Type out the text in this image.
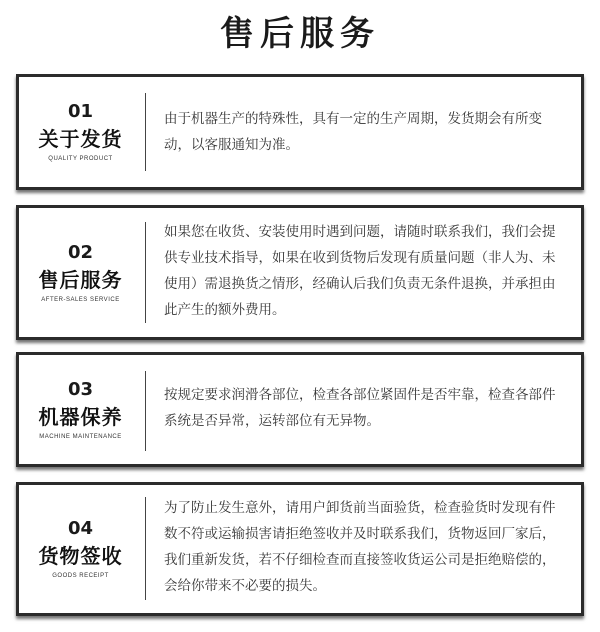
售后服务
01
关于发货
QUALITY PRODUCT
由于机器生产的特殊性，具有一定的生产周期，发货期会有所变动，以客服通知为准。
02
售后服务
AFTER-SALES SERVICE
如果您在收货、安装使用时遇到问题，请随时联系我们，我们会提供专业技术指导，如果在收到货物后发现有质量问题（非人为、未使用）需退换货之情形，经确认后我们负责无条件退换，并承担由此产生的额外费用。
03
机器保养
MACHINE MAINTENANCE
按规定要求润滑各部位，检查各部位紧固件是否牢靠，检查各部件系统是否异常，运转部位有无异物。
04
货物签收
GOODS RECEIPT
为了防止发生意外，请用户卸货前当面验货，检查验货时发现有件数不符或运输损害请拒绝签收并及时联系我们，货物返回厂家后，我们重新发货，若不仔细检查而直接签收货运公司是拒绝赔偿的，会给你带来不必要的损失。
